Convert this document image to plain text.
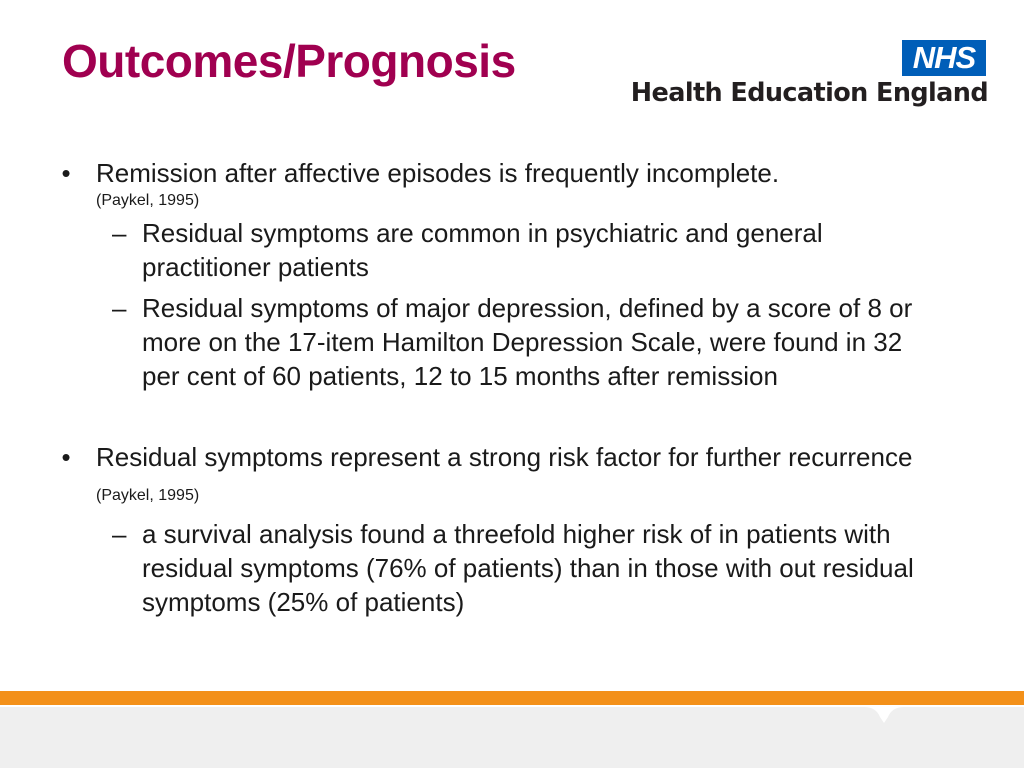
Outcomes/Prognosis	NHS
Health Education England
• Remission after affective episodes is frequently incomplete.
(Paykel, 1995)
– Residual symptoms are common in psychiatric and general practitioner patients
– Residual symptoms of major depression, defined by a score of 8 or more on the 17-item Hamilton Depression Scale, were found in 32 per cent of 60 patients, 12 to 15 months after remission
• Residual symptoms represent a strong risk factor for further recurrence (Paykel, 1995)
– a survival analysis found a threefold higher risk of in patients with residual symptoms (76% of patients) than in those with out residual symptoms (25% of patients)
